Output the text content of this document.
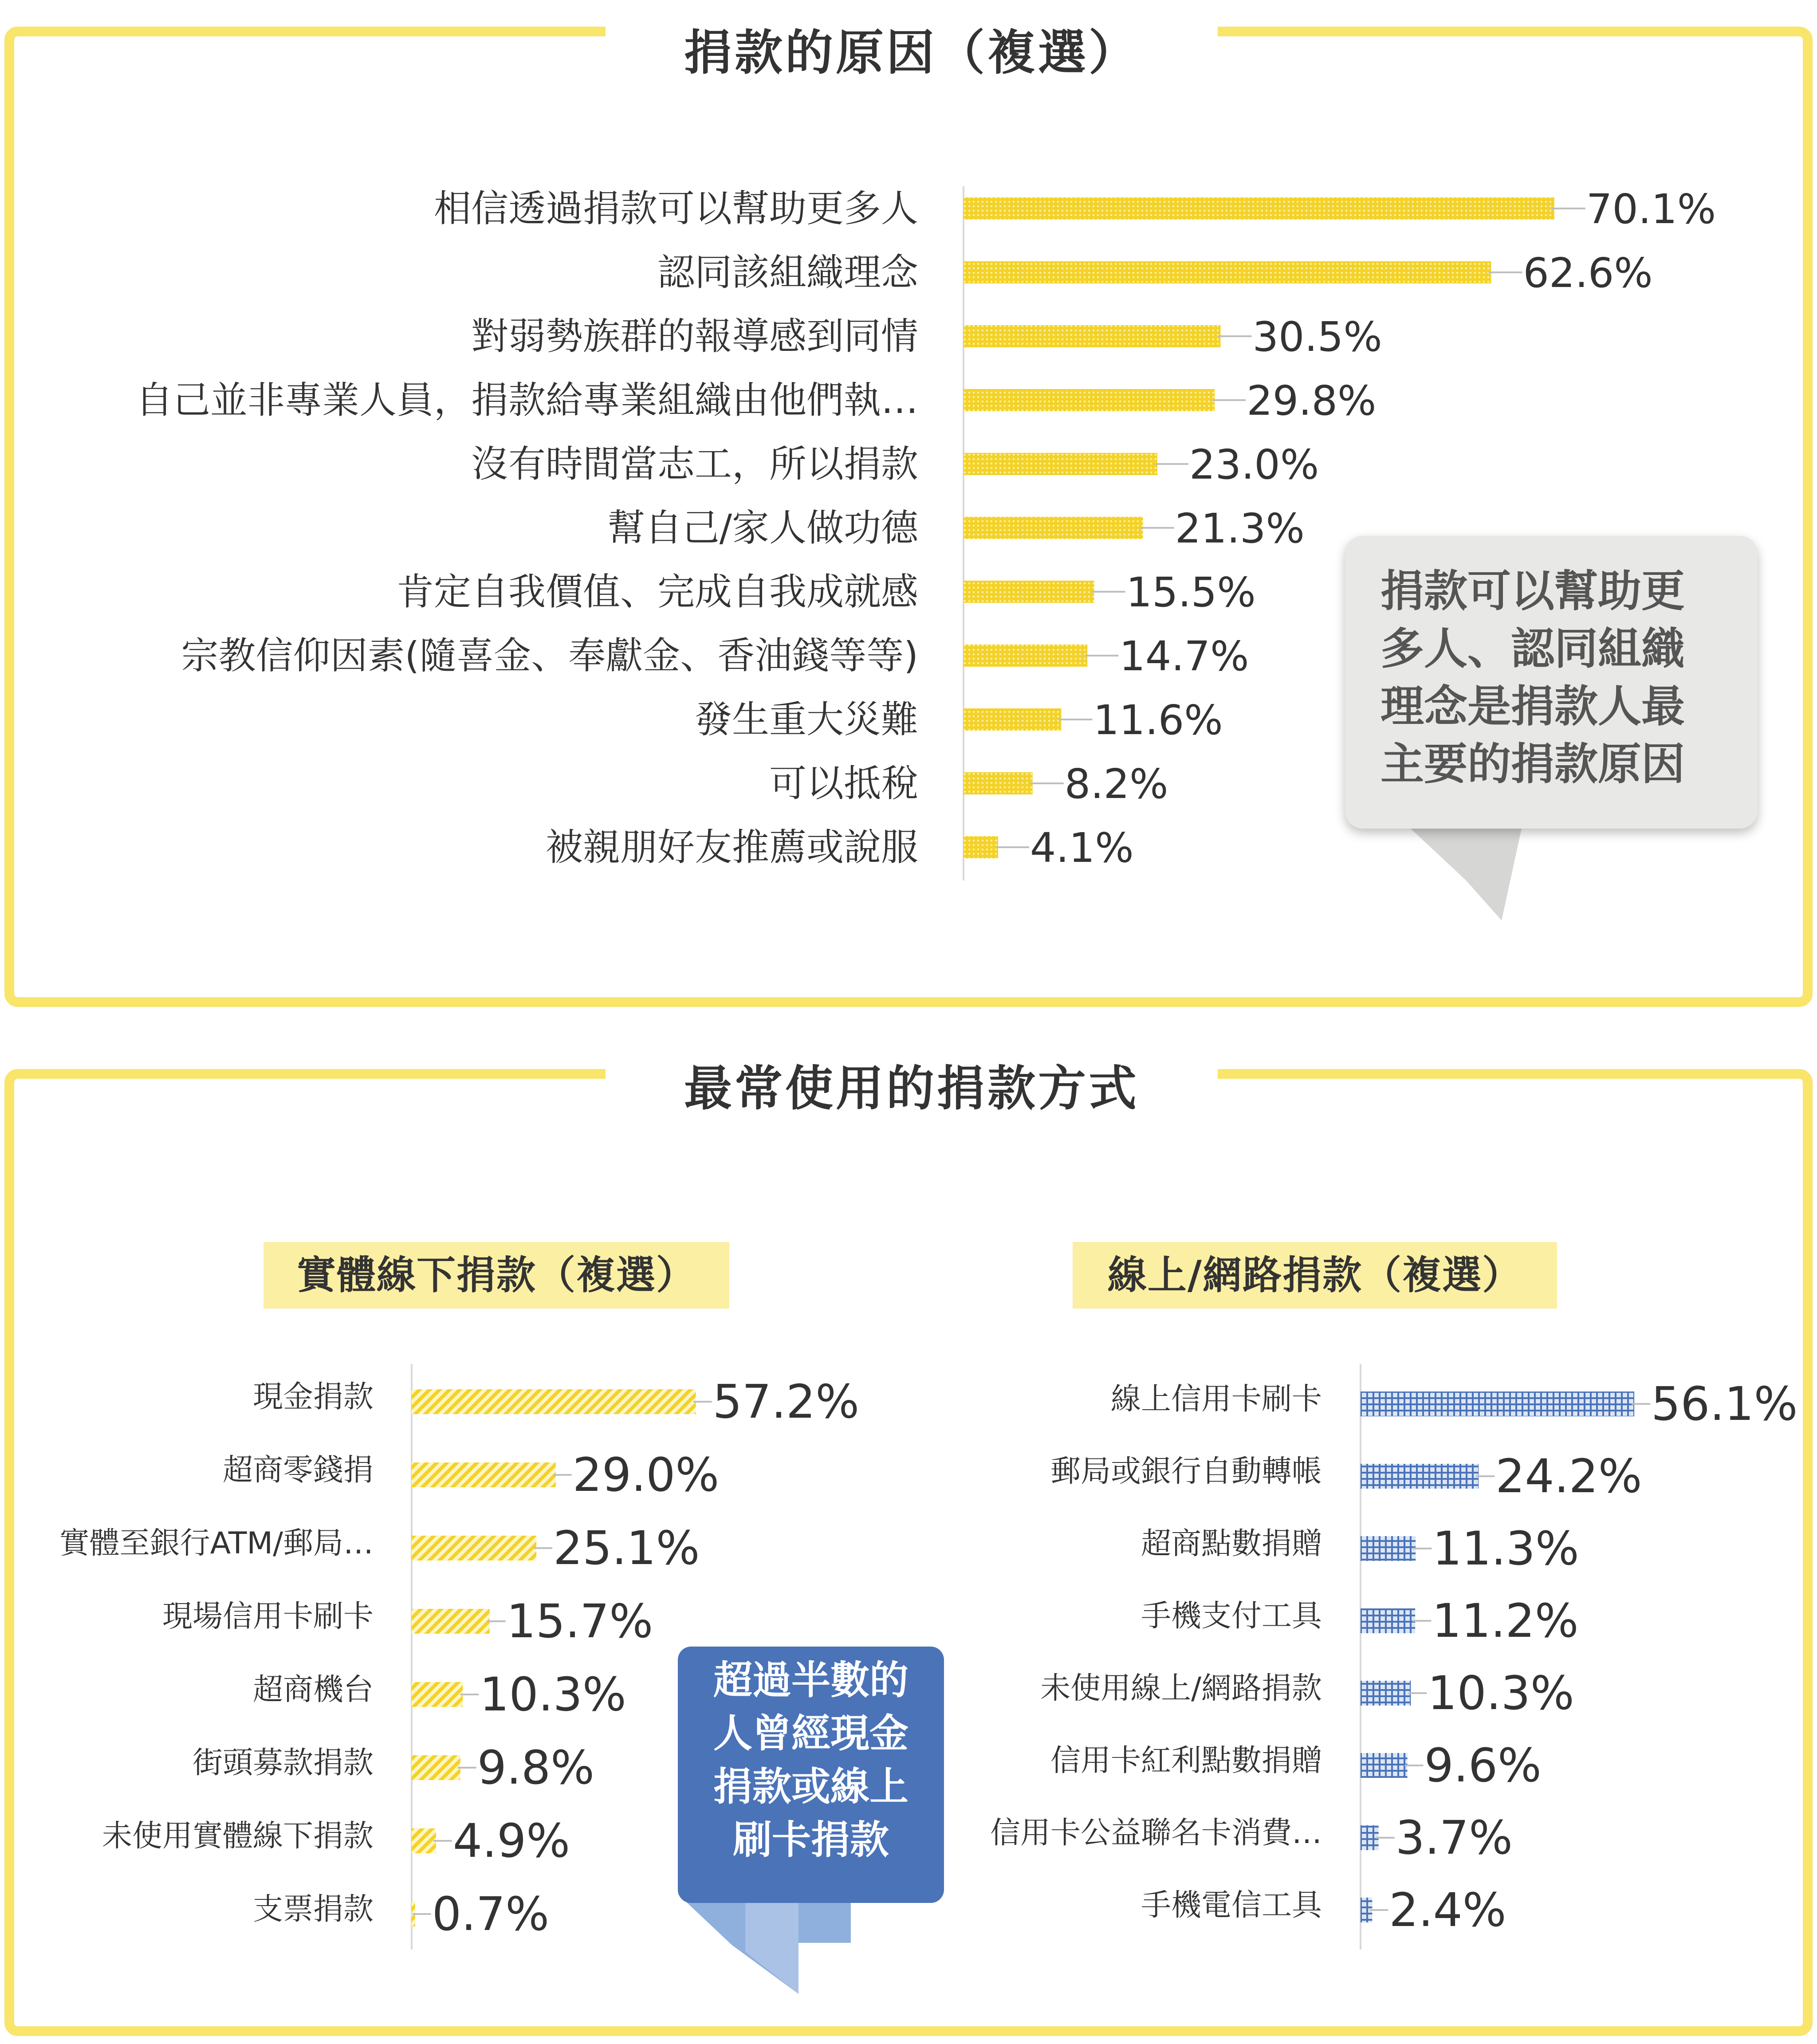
捐款的原因（複選）
最常使用的捐款方式
實體線下捐款（複選）	線上/網路捐款（複選）
相信透過捐款可以幫助更多人	70.1%
認同該組織理念	62.6%
對弱勢族群的報導感到同情	30.5%
自己並非專業人員，捐款給專業組織由他們執…	29.8%
沒有時間當志工，所以捐款	23.0%
幫自己/家人做功德	21.3%
肯定自我價值、完成自我成就感	15.5%
宗教信仰因素(隨喜金、奉獻金、香油錢等等)	14.7%
發生重大災難	11.6%
可以抵稅	8.2%
被親朋好友推薦或說服	4.1%
現金捐款	57.2%
超商零錢捐	29.0%
實體至銀行ATM/郵局…	25.1%
現場信用卡刷卡	15.7%
超商機台 10.3%
街頭募款捐款 9.8%
未使用實體線下捐款 4.9%
支票捐款 0.7%
線上信用卡刷卡	56.1%
郵局或銀行自動轉帳	24.2%
超商點數捐贈 11.3%
手機支付工具 11.2%
未使用線上/網路捐款 10.3%
信用卡紅利點數捐贈 9.6%
信用卡公益聯名卡消費… 3.7%
手機電信工具 2.4%
捐款可以幫助更
多人、認同組織
理念是捐款人最
主要的捐款原因
超過半數的
人曾經現金
捐款或線上
刷卡捐款
